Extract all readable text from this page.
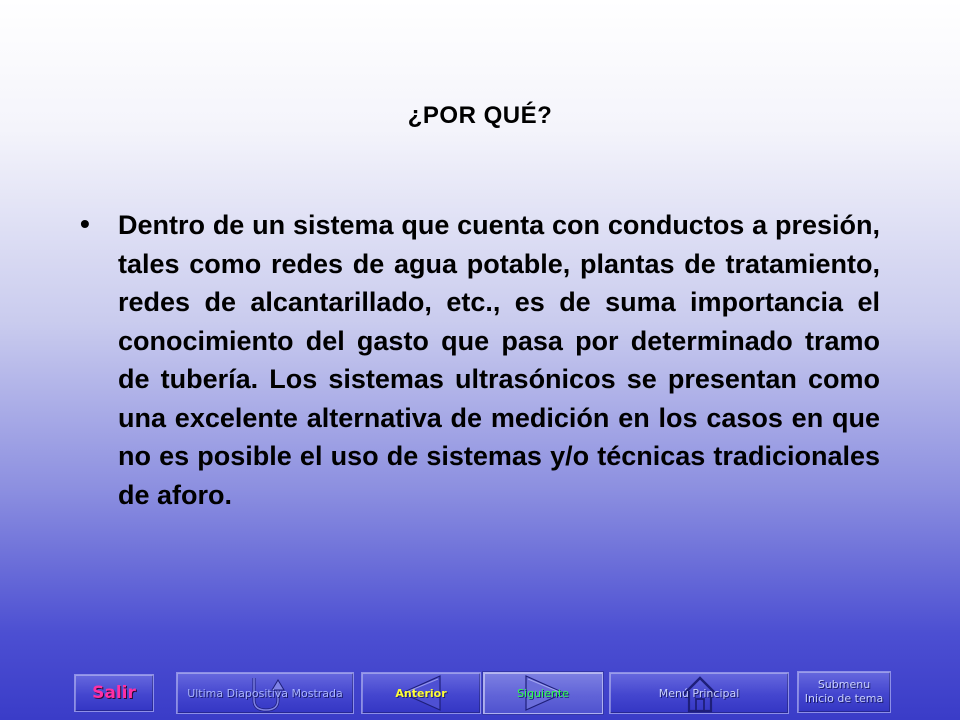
¿POR QUÉ?
• Dentro de un sistema que cuenta con conductos a presión, tales como redes de agua potable, plantas de tratamiento, redes de alcantarillado, etc., es de suma importancia el conocimiento del gasto que pasa por determinado tramo de tubería. Los sistemas ultrasónicos se presentan como una excelente alternativa de medición en los casos en que no es posible el uso de sistemas y/o técnicas tradicionales de aforo.
Salir	Ultima Diapositiva Mostrada	Anterior	Siguiente	Menú Principal
Submenu
Inicio de tema
